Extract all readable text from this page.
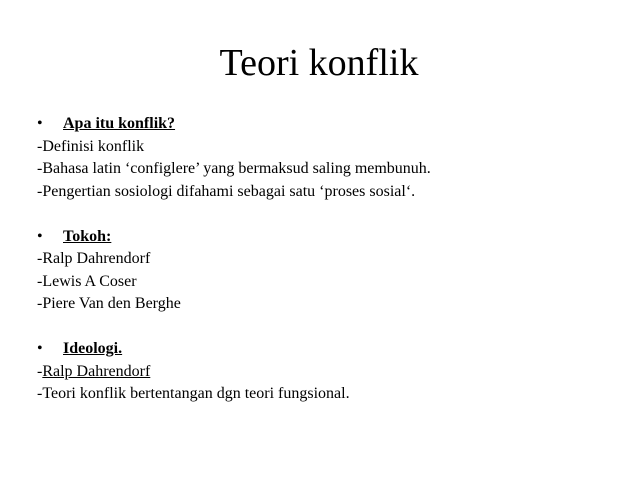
Teori konflik
• Apa itu konflik?
-Definisi konflik
-Bahasa latin ‘configlere’ yang bermaksud saling membunuh.
-Pengertian sosiologi difahami sebagai satu ‘proses sosial‘.
• Tokoh:
-Ralp Dahrendorf
-Lewis A Coser
-Piere Van den Berghe
• Ideologi.
-Ralp Dahrendorf
-Teori konflik bertentangan dgn teori fungsional.
